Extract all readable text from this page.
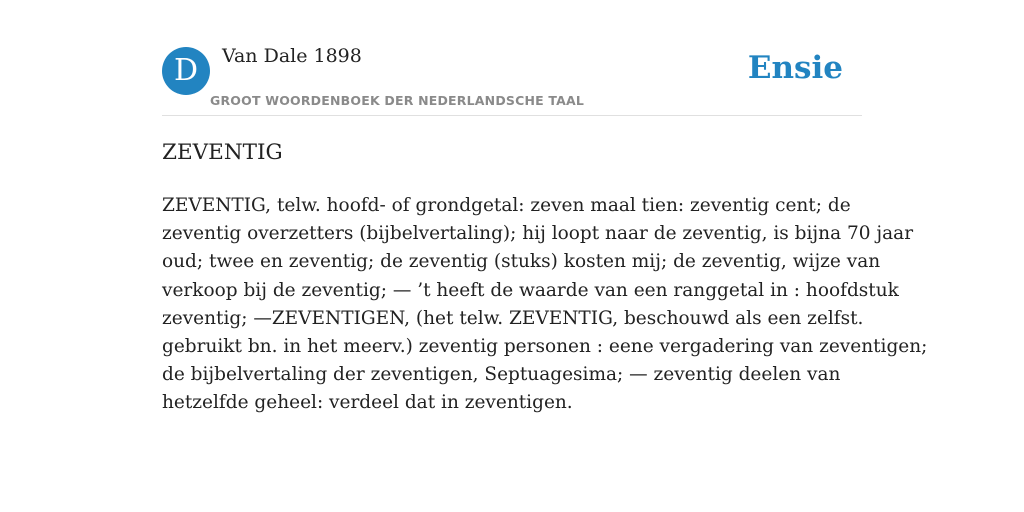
D	Van Dale 1898
GROOT WOORDENBOEK DER NEDERLANDSCHE TAAL
Ensie
ZEVENTIG
ZEVENTIG, telw. hoofd- of grondgetal: zeven maal tien: zeventig cent; de
zeventig overzetters (bijbelvertaling); hij loopt naar de zeventig, is bijna 70 jaar
oud; twee en zeventig; de zeventig (stuks) kosten mij; de zeventig, wijze van
verkoop bij de zeventig; — ’t heeft de waarde van een ranggetal in : hoofdstuk
zeventig; —ZEVENTIGEN, (het telw. ZEVENTIG, beschouwd als een zelfst.
gebruikt bn. in het meerv.) zeventig personen : eene vergadering van zeventigen;
de bijbelvertaling der zeventigen, Septuagesima; — zeventig deelen van
hetzelfde geheel: verdeel dat in zeventigen.
